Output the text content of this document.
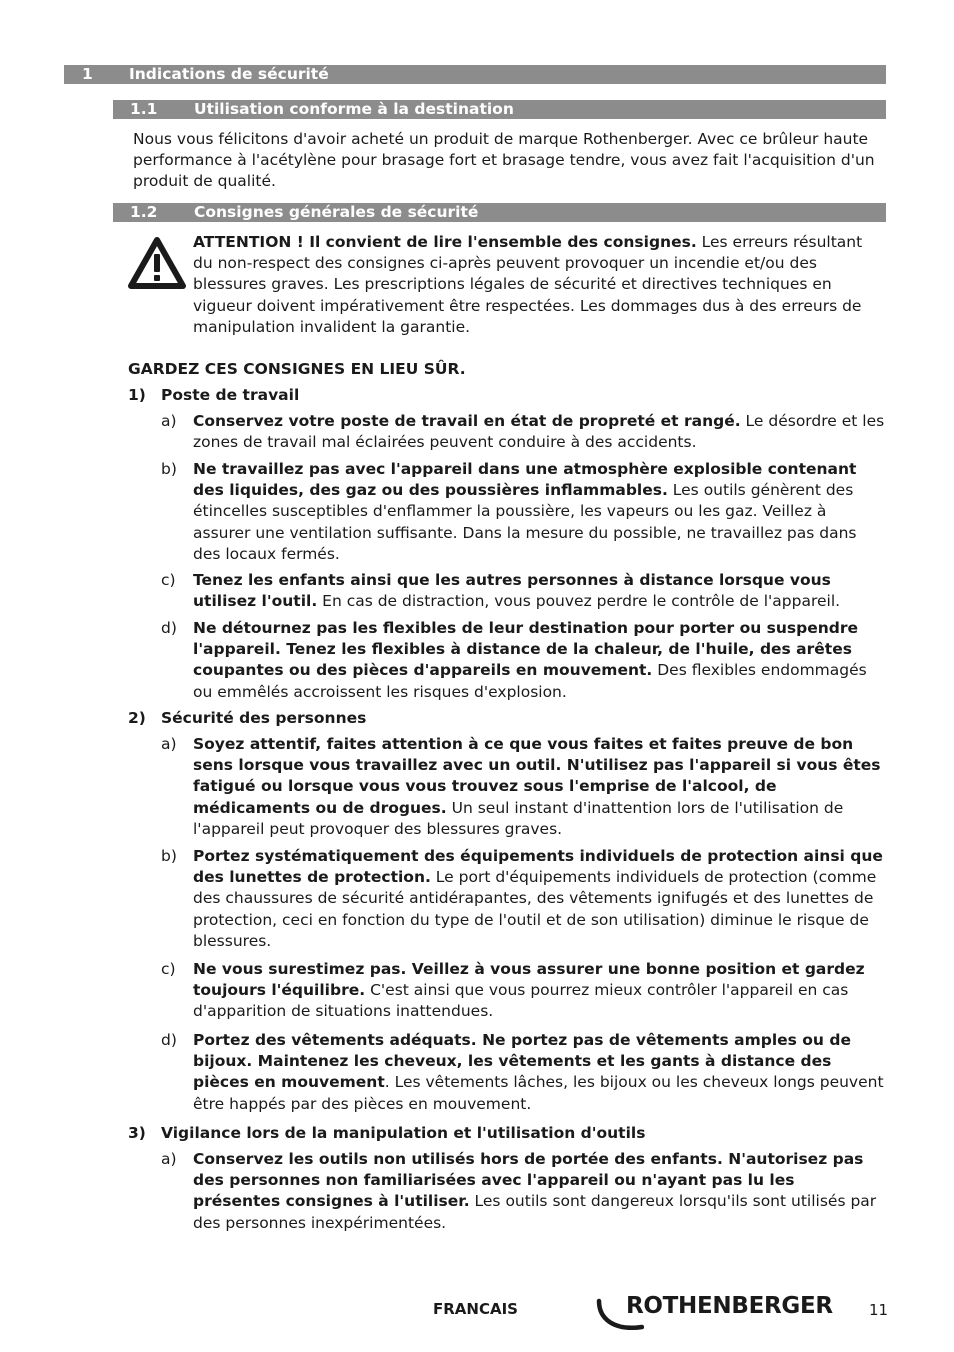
1 Indications de sécurité
1.1 Utilisation conforme à la destination
Nous vous félicitons d'avoir acheté un produit de marque Rothenberger. Avec ce brûleur haute performance à l'acétylène pour brasage fort et brasage tendre, vous avez fait l'acquisition d'un produit de qualité.
1.2 Consignes générales de sécurité
ATTENTION ! Il convient de lire l'ensemble des consignes. Les erreurs résultant du non-respect des consignes ci-après peuvent provoquer un incendie et/ou des blessures graves. Les prescriptions légales de sécurité et directives techniques en vigueur doivent impérativement être respectées. Les dommages dus à des erreurs de manipulation invalident la garantie.
GARDEZ CES CONSIGNES EN LIEU SÛR.
1) Poste de travail
a) Conservez votre poste de travail en état de propreté et rangé. Le désordre et les zones de travail mal éclairées peuvent conduire à des accidents.
b) Ne travaillez pas avec l'appareil dans une atmosphère explosible contenant des liquides, des gaz ou des poussières inflammables. Les outils génèrent des étincelles susceptibles d'enflammer la poussière, les vapeurs ou les gaz. Veillez à assurer une ventilation suffisante. Dans la mesure du possible, ne travaillez pas dans des locaux fermés.
c) Tenez les enfants ainsi que les autres personnes à distance lorsque vous utilisez l'outil. En cas de distraction, vous pouvez perdre le contrôle de l'appareil.
d) Ne détournez pas les flexibles de leur destination pour porter ou suspendre l'appareil. Tenez les flexibles à distance de la chaleur, de l'huile, des arêtes coupantes ou des pièces d'appareils en mouvement. Des flexibles endommagés ou emmêlés accroissent les risques d'explosion.
2) Sécurité des personnes
a) Soyez attentif, faites attention à ce que vous faites et faites preuve de bon sens lorsque vous travaillez avec un outil. N'utilisez pas l'appareil si vous êtes fatigué ou lorsque vous vous trouvez sous l'emprise de l'alcool, de médicaments ou de drogues. Un seul instant d'inattention lors de l'utilisation de l'appareil peut provoquer des blessures graves.
b) Portez systématiquement des équipements individuels de protection ainsi que des lunettes de protection. Le port d'équipements individuels de protection (comme des chaussures de sécurité antidérapantes, des vêtements ignifugés et des lunettes de protection, ceci en fonction du type de l'outil et de son utilisation) diminue le risque de blessures.
c) Ne vous surestimez pas. Veillez à vous assurer une bonne position et gardez toujours l'équilibre. C'est ainsi que vous pourrez mieux contrôler l'appareil en cas d'apparition de situations inattendues.
d) Portez des vêtements adéquats. Ne portez pas de vêtements amples ou de bijoux. Maintenez les cheveux, les vêtements et les gants à distance des pièces en mouvement. Les vêtements lâches, les bijoux ou les cheveux longs peuvent être happés par des pièces en mouvement.
3) Vigilance lors de la manipulation et l'utilisation d'outils
a) Conservez les outils non utilisés hors de portée des enfants. N'autorisez pas des personnes non familiarisées avec l'appareil ou n'ayant pas lu les présentes consignes à l'utiliser. Les outils sont dangereux lorsqu'ils sont utilisés par des personnes inexpérimentées.
FRANCAIS	ROTHENBERGER 11
